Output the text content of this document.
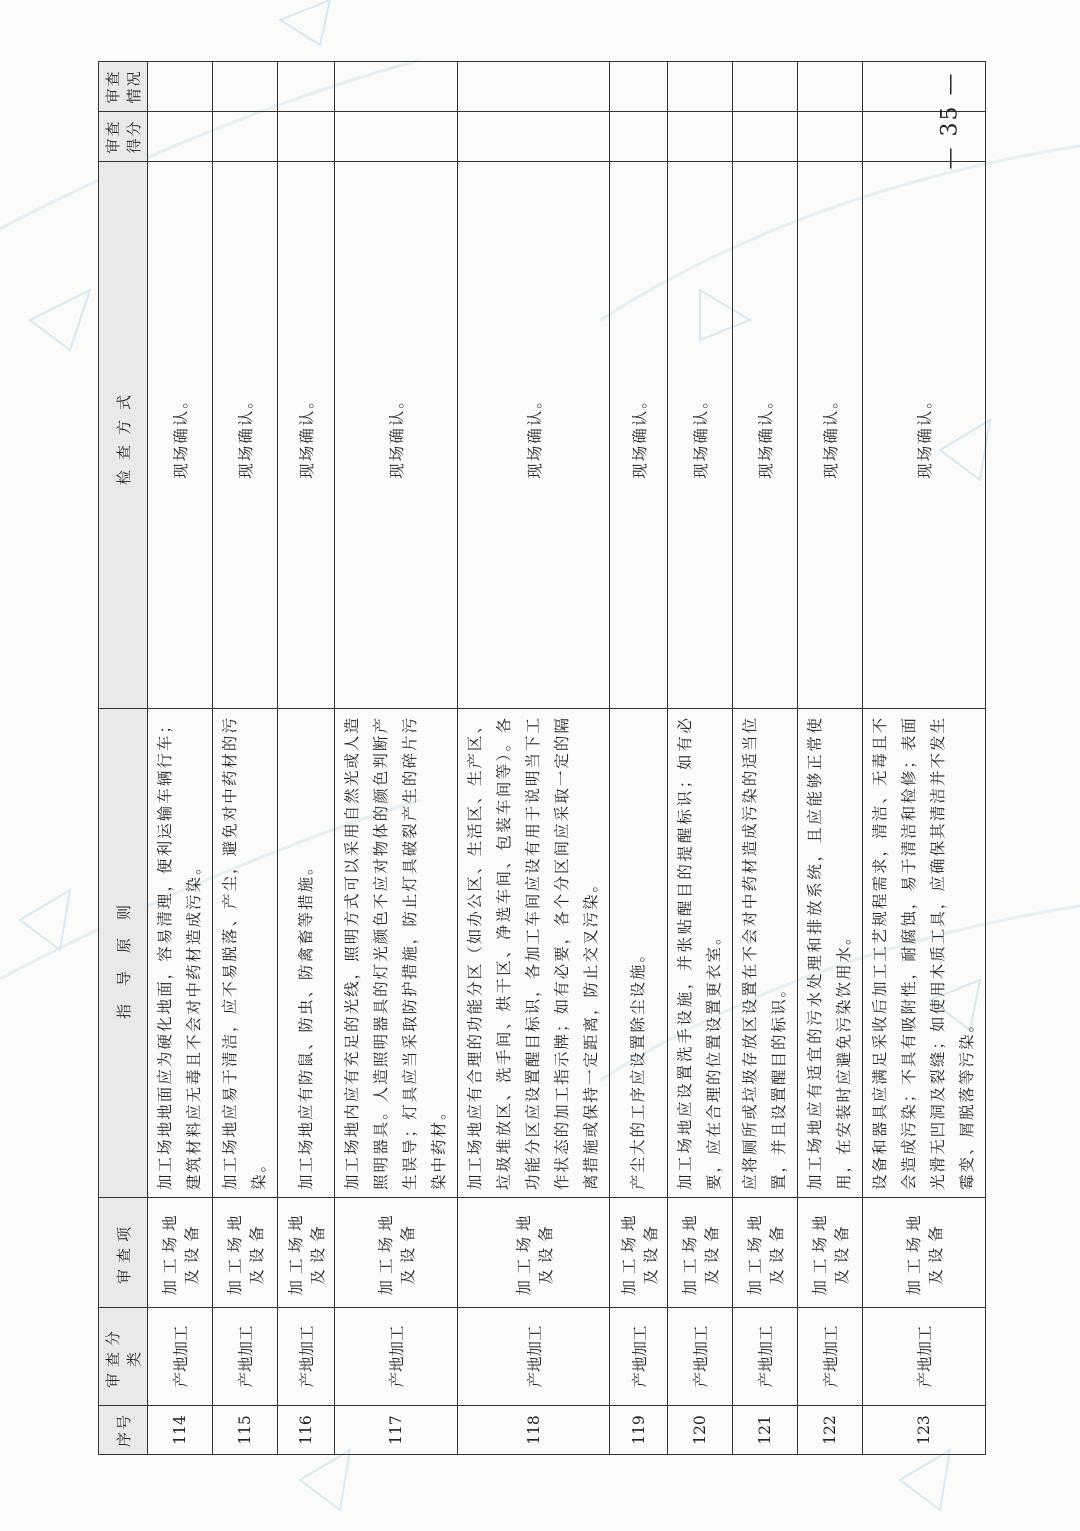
序号	审查分类	审查项	指导原则	检查方式	审查得分	审查情况
114	产地加工	加工场地及设备	加工场地地面应为硬化地面，容易清理，便利运输车辆行车；建筑材料应无毒且不会对中药材造成污染。	现场确认。		
115	产地加工	加工场地及设备	加工场地应易于清洁，应不易脱落、产尘，避免对中药材的污染。	现场确认。		
116	产地加工	加工场地及设备	加工场地应有防鼠、防虫、防禽畜等措施。	现场确认。		
117	产地加工	加工场地及设备	加工场地内应有充足的光线，照明方式可以采用自然光或人造照明器具。人造照明器具的灯光颜色不应对物体的颜色判断产生误导；灯具应当采取防护措施，防止灯具破裂产生的碎片污染中药材。	现场确认。		
118	产地加工	加工场地及设备	加工场地应有合理的功能分区（如办公区、生活区、生产区、垃圾堆放区、洗手间、烘干区、净选车间、包装车间等）。各功能分区应设置醒目标识，各加工车间应设有用于说明当下工作状态的加工指示牌；如有必要，各个分区间应采取一定的隔离措施或保持一定距离，防止交叉污染。	现场确认。		
119	产地加工	加工场地及设备	产尘大的工序应设置除尘设施。	现场确认。		
120	产地加工	加工场地及设备	加工场地应设置洗手设施，并张贴醒目的提醒标识；如有必要，应在合理的位置设置更衣室。	现场确认。		
121	产地加工	加工场地及设备	应将厕所或垃圾存放区设置在不会对中药材造成污染的适当位置，并且设置醒目的标识。	现场确认。		
122	产地加工	加工场地及设备	加工场地应有适宜的污水处理和排放系统，且应能够正常使用，在安装时应避免污染饮用水。	现场确认。		
123	产地加工	加工场地及设备	设备和器具应满足采收后加工工艺规程需求，清洁、无毒且不会造成污染；不具有吸附性，耐腐蚀，易于清洁和检修；表面光滑无凹洞及裂缝；如使用木质工具，应确保其清洁并不发生霉变、屑脱落等污染。	现场确认。		
— 35 —
